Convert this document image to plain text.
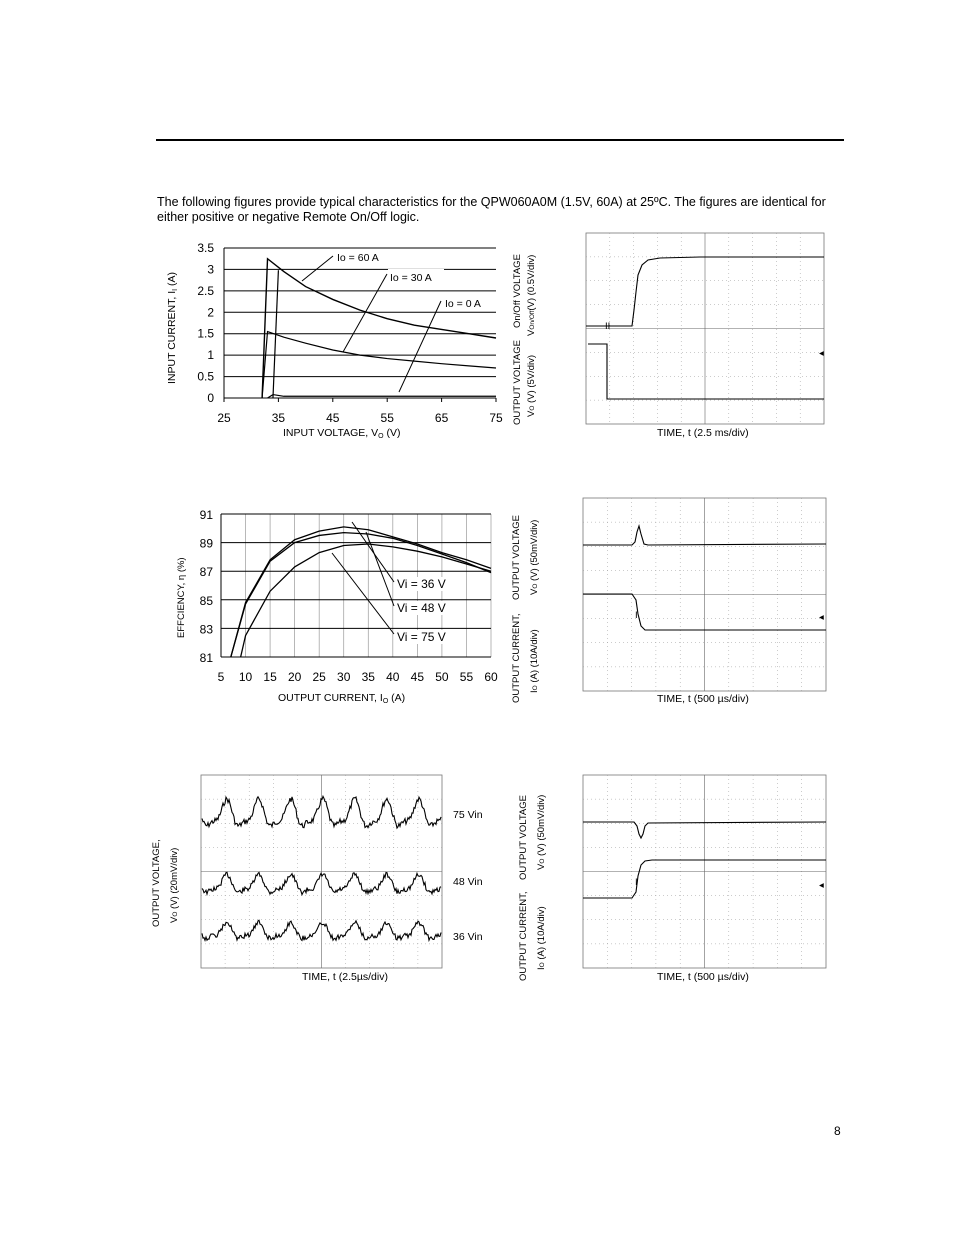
The following figures provide typical characteristics for the QPW060A0M (1.5V, 60A) at 25ºC. The figures are identical for either positive or negative Remote On/Off logic.
0
0.5
1
1.5
2
2.5
3
3.5
25	35	45	55	65	75
INPUT VOLTAGE, VO (V)
INPUT CURRENT, II (A)
Io = 60 A
Io = 30 A
Io = 0 A
II
◂
TIME, t (2.5 ms/div)
On/Off VOLTAGE
VOn/Off(V) (0.5V/div)
OUTPUT VOLTAGE VO (V) (5V/div)
5 10 15 20 25 30 35 40 45 50 55 60
81
83
85
87
89
91
OUTPUT CURRENT, IO (A)
EFFCIENCY, η (%)	Vi = 36 V
Vi = 48 V
Vi = 75 V
I	◂
TIME, t (500 µs/div)
OUTPUT VOLTAGE VO (V) (50mV/div)
OUTPUT CURRENT, IO (A) (10A/div)
75 Vin
48 Vin
36 Vin
TIME, t (2.5µs/div)
OUTPUT VOLTAGE, VO (V) (20mV/div)	I	◂
TIME, t (500 µs/div)
OUTPUT VOLTAGE VO (V) (50mV/div)
OUTPUT CURRENT, IO (A) (10A/div)
8
